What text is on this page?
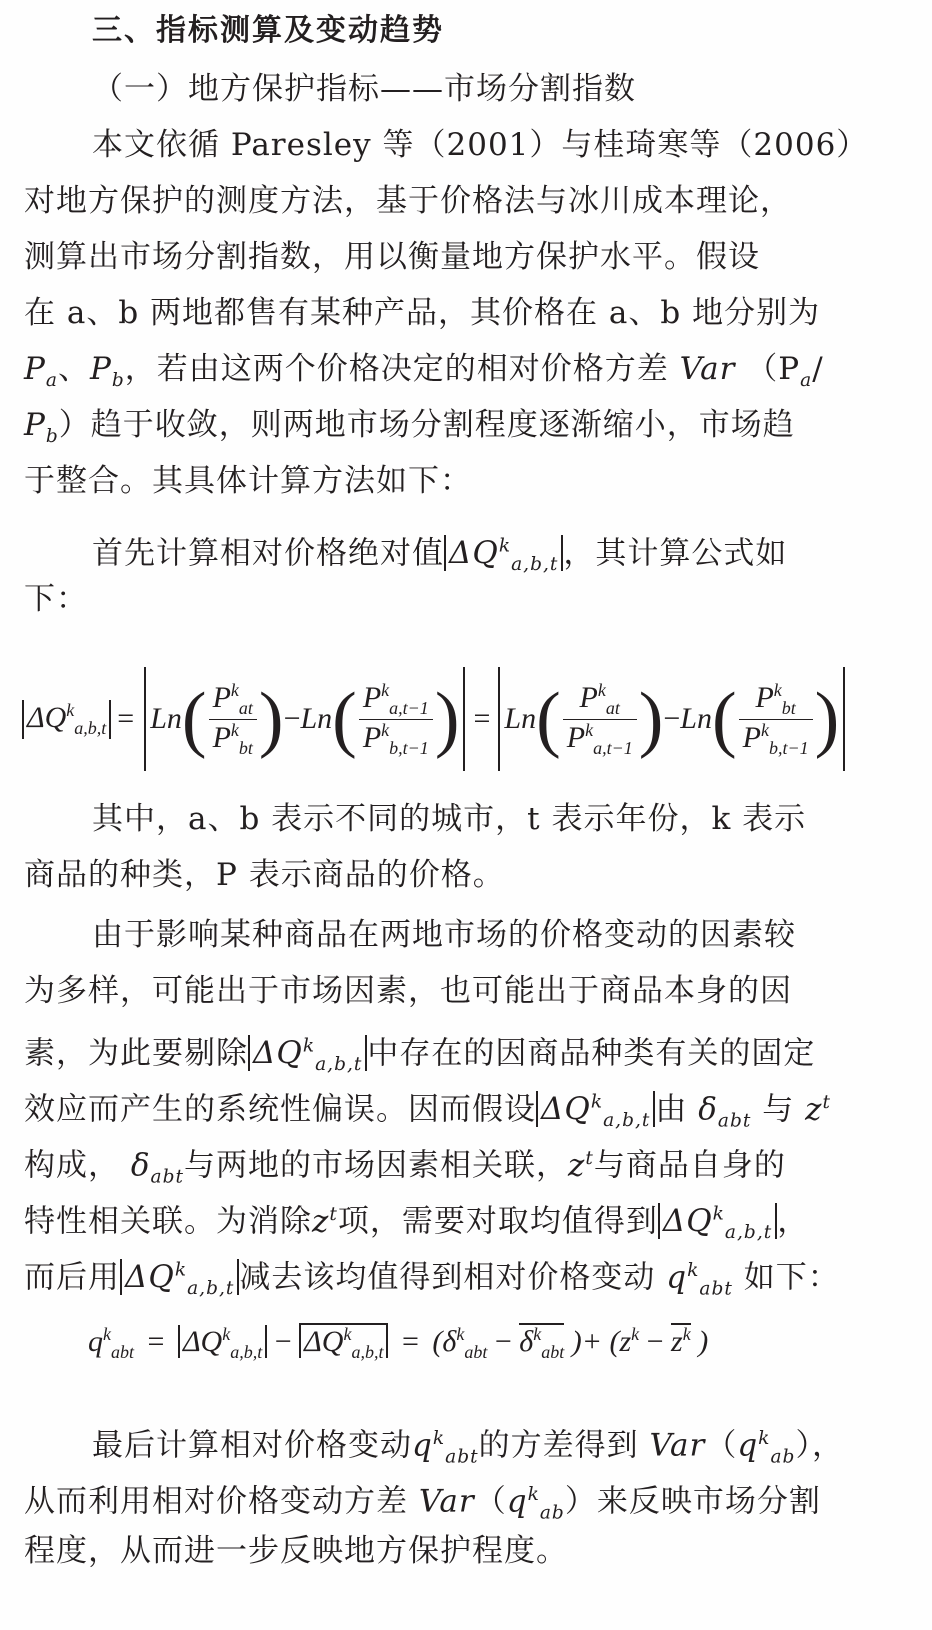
三、指标测算及变动趋势
（一）地方保护指标——市场分割指数
本文依循 Paresley 等（2001）与桂琦寒等（2006）
对地方保护的测度方法，基于价格法与冰川成本理论，
测算出市场分割指数，用以衡量地方保护水平。假设
在 a、b 两地都售有某种产品，其价格在 a、b 地分别为
$P_a$、$P_b$，若由这两个价格决定的相对价格方差 Var （$P_a/$
$P_b$）趋于收敛，则两地市场分割程度逐渐缩小，市场趋
于整合。其具体计算方法如下：
首先计算相对价格绝对值 $\Delta Q^k_{a,b,t}$ ，其计算公式如
下：
$\Delta Q^k_{a,b,t} = Ln$ ( $\frac{P^k_{at}}{P^k_{bt}}$ ) − Ln ( $\frac{P^k_{a,t-1}}{P^k_{b,t-1}}$ ) = Ln ( $\frac{P^k_{at}}{P^k_{a,t-1}}$ ) − Ln ( $\frac{P^k_{bt}}{P^k_{b,t-1}}$ )
其中，a、b 表示不同的城市，t 表示年份，k 表示
商品的种类，P 表示商品的价格。
由于影响某种商品在两地市场的价格变动的因素较
为多样，可能出于市场因素，也可能出于商品本身的因
素，为此要剔除 $\Delta Q^k_{a,b,t}$ 中存在的因商品种类有关的固定
效应而产生的系统性偏误。因而假设 $\Delta Q^k_{a,b,t}$ 由 $\delta_{abt}$ 与 $z^t$
构成， $\delta_{abt}$与两地的市场因素相关联，$z^t$与商品自身的
特性相关联。为消除$z^t$项，需要对取均值得到 $\Delta Q^k_{a,b,t}$ ，
而后用 $\Delta Q^k_{a,b,t}$ 减去该均值得到相对价格变动 $q^k_{abt}$ 如下：
$q^k_{abt} = \Delta Q^k_{a,b,t} - \Delta Q^k_{a,b,t} = (\delta^k_{abt} - \delta^k_{abt}$ )+ ($z^k - z^k$ )
最后计算相对价格变动$q^k_{abt}$的方差得到 $Var(q^k_{ab})$，
从而利用相对价格变动方差 $Var(q^k_{ab})$来反映市场分割
程度，从而进一步反映地方保护程度。
